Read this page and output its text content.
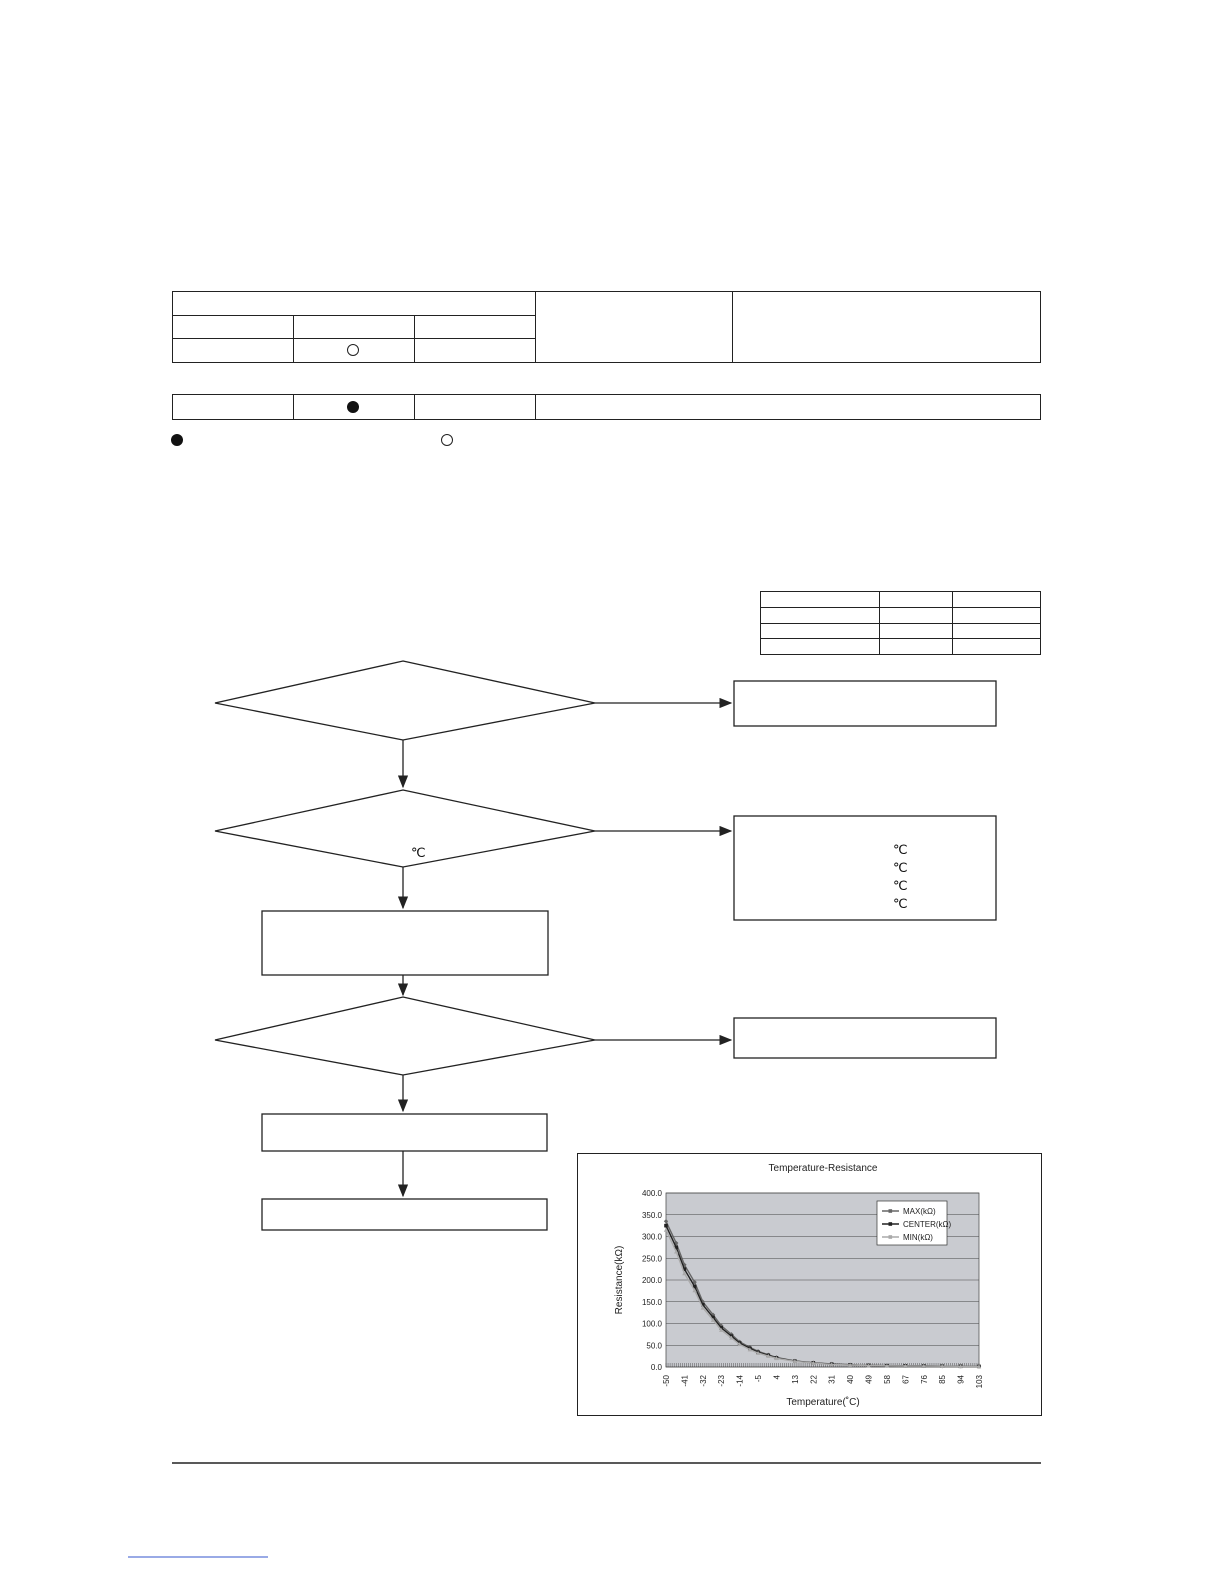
℃	℃
℃
℃
℃
0.0
50.0
100.0
150.0
200.0
250.0
300.0
350.0
400.0
-50 -41 -32 -23 -14 -5 4 13 22 31 40 49 58 67 76 85 94 103
Temperature-Resistance
Temperature(˚C)
Resistance(kΩ)
MAX(kΩ)
CENTER(kΩ)
MIN(kΩ)
